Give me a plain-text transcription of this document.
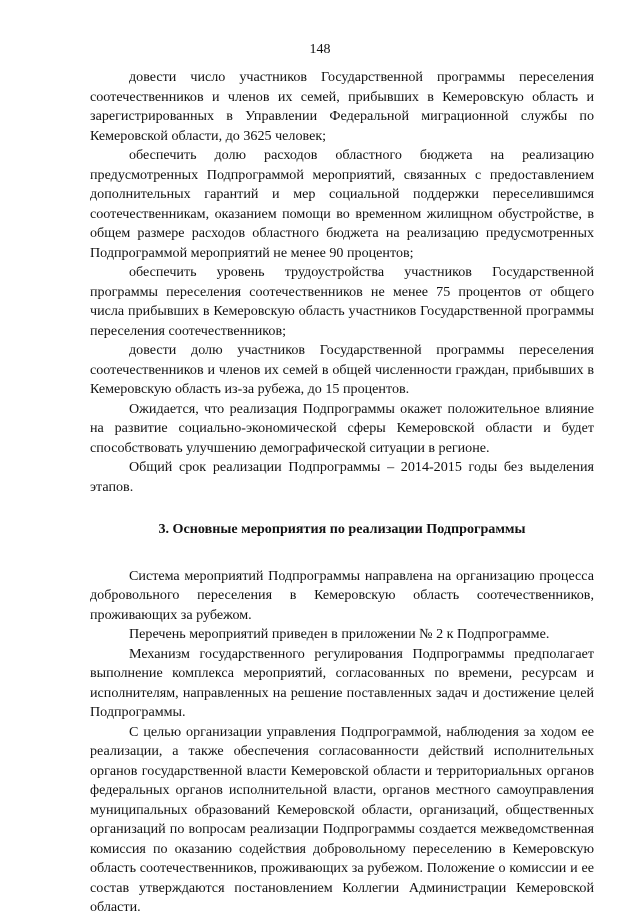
148

довести число участников Государственной программы переселения соотечественников и членов их семей, прибывших в Кемеровскую область и зарегистрированных в Управлении Федеральной миграционной службы по Кемеровской области, до 3625 человек;

обеспечить долю расходов областного бюджета на реализацию предусмотренных Подпрограммой мероприятий, связанных с предоставлением дополнительных гарантий и мер социальной поддержки переселившимся соотечественникам, оказанием помощи во временном жилищном обустройстве, в общем размере расходов областного бюджета на реализацию предусмотренных Подпрограммой мероприятий не менее 90 процентов;

обеспечить уровень трудоустройства участников Государственной программы переселения соотечественников не менее 75 процентов от общего числа прибывших в Кемеровскую область участников Государственной программы переселения соотечественников;

довести долю участников Государственной программы переселения соотечественников и членов их семей в общей численности граждан, прибывших в Кемеровскую область из-за рубежа, до 15 процентов.

Ожидается, что реализация Подпрограммы окажет положительное влияние на развитие социально-экономической сферы Кемеровской области и будет способствовать улучшению демографической ситуации в регионе.

Общий срок реализации Подпрограммы – 2014-2015 годы без выделения этапов.

3. Основные мероприятия по реализации Подпрограммы

Система мероприятий Подпрограммы направлена на организацию процесса добровольного переселения в Кемеровскую область соотечественников, проживающих за рубежом.

Перечень мероприятий приведен в приложении № 2 к Подпрограмме.

Механизм государственного регулирования Подпрограммы предполагает выполнение комплекса мероприятий, согласованных по времени, ресурсам и исполнителям, направленных на решение поставленных задач и достижение целей Подпрограммы.

С целью организации управления Подпрограммой, наблюдения за ходом ее реализации, а также обеспечения согласованности действий исполнительных органов государственной власти Кемеровской области и территориальных органов федеральных органов исполнительной власти, органов местного самоуправления муниципальных образований Кемеровской области, организаций, общественных организаций по вопросам реализации Подпрограммы создается межведомственная комиссия по оказанию содействия добровольному переселению в Кемеровскую область соотечественников, проживающих за рубежом. Положение о комиссии и ее состав утверждаются постановлением Коллегии Администрации Кемеровской области.
